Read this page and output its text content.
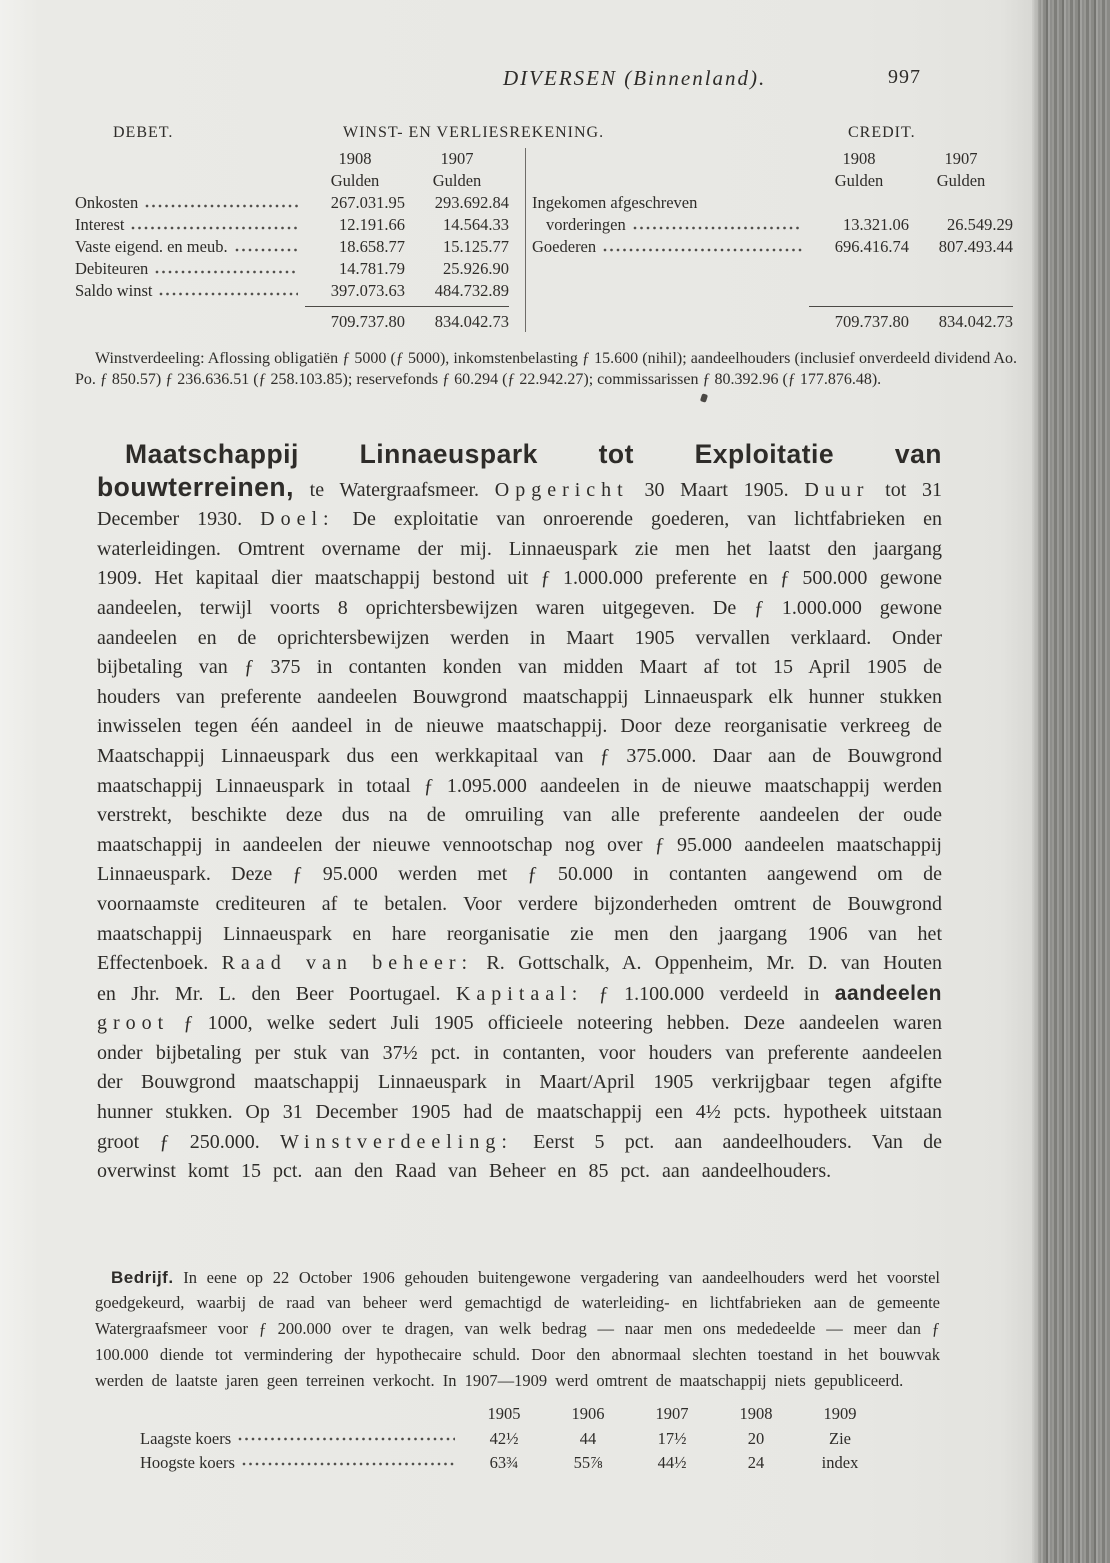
DIVERSEN (Binnenland).	997
DEBET.	WINST- EN VERLIESREKENING.	CREDIT.
1908	1907
Gulden	Gulden
Onkosten	267.031.95	293.692.84
Interest	12.191.66	14.564.33
Vaste eigend. en meub.	18.658.77	15.125.77
Debiteuren	14.781.79	25.926.90
Saldo winst	397.073.63	484.732.89
709.737.80	834.042.73
1908	1907
Gulden	Gulden
Ingekomen afgeschreven
vorderingen	13.321.06	26.549.29
Goederen	696.416.74	807.493.44
709.737.80	834.042.73

Winstverdeeling: Aflossing obligatiën ƒ 5000 (ƒ 5000), inkomstenbelasting ƒ 15.600 (nihil); aandeelhouders (inclusief onverdeeld dividend Ao. Po. ƒ 850.57) ƒ 236.636.51 (ƒ 258.103.85); reservefonds ƒ 60.294 (ƒ 22.942.27); commissarissen ƒ 80.392.96 (ƒ 177.876.48).

Maatschappij Linnaeuspark tot Exploitatie van bouwterreinen, te Watergraafsmeer. Opgericht 30 Maart 1905. Duur tot 31 December 1930. Doel: De exploitatie van onroerende goederen, van lichtfabrieken en waterleidingen. Omtrent overname der mij. Linnaeuspark zie men het laatst den jaargang 1909. Het kapitaal dier maatschappij bestond uit ƒ 1.000.000 preferente en ƒ 500.000 gewone aandeelen, terwijl voorts 8 oprichtersbewijzen waren uitgegeven. De ƒ 1.000.000 gewone aandeelen en de oprichtersbewijzen werden in Maart 1905 vervallen verklaard. Onder bijbetaling van ƒ 375 in contanten konden van midden Maart af tot 15 April 1905 de houders van preferente aandeelen Bouwgrond maatschappij Linnaeuspark elk hunner stukken inwisselen tegen één aandeel in de nieuwe maatschappij. Door deze reorganisatie verkreeg de Maatschappij Linnaeuspark dus een werkkapitaal van ƒ 375.000. Daar aan de Bouwgrond maatschappij Linnaeuspark in totaal ƒ 1.095.000 aandeelen in de nieuwe maatschappij werden verstrekt, beschikte deze dus na de omruiling van alle preferente aandeelen der oude maatschappij in aandeelen der nieuwe vennootschap nog over ƒ 95.000 aandeelen maatschappij Linnaeuspark. Deze ƒ 95.000 werden met ƒ 50.000 in contanten aangewend om de voornaamste crediteuren af te betalen. Voor verdere bijzonderheden omtrent de Bouwgrond maatschappij Linnaeuspark en hare reorganisatie zie men den jaargang 1906 van het Effectenboek. Raad van beheer: R. Gottschalk, A. Oppenheim, Mr. D. van Houten en Jhr. Mr. L. den Beer Poortugael. Kapitaal: ƒ 1.100.000 verdeeld in aandeelen groot ƒ 1000, welke sedert Juli 1905 officieele noteering hebben. Deze aandeelen waren onder bijbetaling per stuk van 37½ pct. in contanten, voor houders van preferente aandeelen der Bouwgrond maatschappij Linnaeuspark in Maart/April 1905 verkrijgbaar tegen afgifte hunner stukken. Op 31 December 1905 had de maatschappij een 4½ pcts. hypotheek uitstaan groot ƒ 250.000. Winstverdeeling: Eerst 5 pct. aan aandeelhouders. Van de overwinst komt 15 pct. aan den Raad van Beheer en 85 pct. aan aandeelhouders.

Bedrijf. In eene op 22 October 1906 gehouden buitengewone vergadering van aandeelhouders werd het voorstel goedgekeurd, waarbij de raad van beheer werd gemachtigd de waterleiding- en lichtfabrieken aan de gemeente Watergraafsmeer voor ƒ 200.000 over te dragen, van welk bedrag — naar men ons mededeelde — meer dan ƒ 100.000 diende tot vermindering der hypothecaire schuld. Door den abnormaal slechten toestand in het bouwvak werden de laatste jaren geen terreinen verkocht. In 1907—1909 werd omtrent de maatschappij niets gepubliceerd.

1905	1906	1907	1908	1909
Laagste koers	42½	44	17½	20	Zie
Hoogste koers	63¾	55⅞	44½	24	index
